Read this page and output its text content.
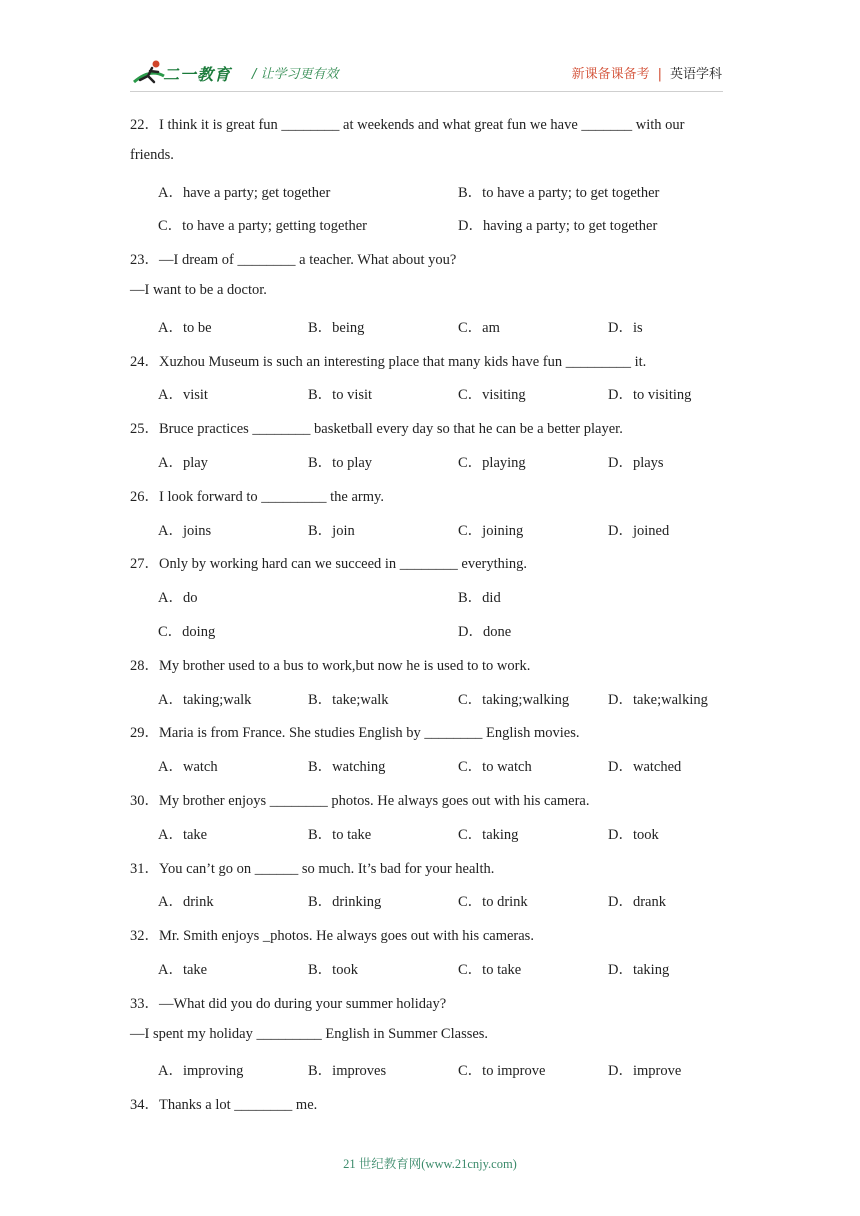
二一教育 / 让学习更有效	新课备课备考 | 英语学科
22．I think it is great fun ________ at weekends and what great fun we have _______ with our
friends.
A．have a party; get together	B．to have a party; to get together
C．to have a party; getting together	D．having a party; to get together
23．—I dream of ________ a teacher. What about you?
—I want to be a doctor.
A．to be	B．being	C．am	D．is
24．Xuzhou Museum is such an interesting place that many kids have fun _________ it.
A．visit	B．to visit	C．visiting	D．to visiting
25．Bruce practices ________ basketball every day so that he can be a better player.
A．play	B．to play	C．playing	D．plays
26．I look forward to _________ the army.
A．joins	B．join	C．joining	D．joined
27．Only by working hard can we succeed in ________ everything.
A．do	B．did
C．doing	D．done
28．My brother used to a bus to work,but now he is used to to work.
A．taking;walk	B．take;walk	C．taking;walking	D．take;walking
29．Maria is from France. She studies English by ________ English movies.
A．watch	B．watching	C．to watch	D．watched
30．My brother enjoys ________ photos. He always goes out with his camera.
A．take	B．to take	C．taking	D．took
31．You can’t go on ______ so much. It’s bad for your health.
A．drink	B．drinking	C．to drink	D．drank
32．Mr. Smith enjoys _photos. He always goes out with his cameras.
A．take	B．took	C．to take	D．taking
33．—What did you do during your summer holiday?
—I spent my holiday _________ English in Summer Classes.
A．improving	B．improves	C．to improve	D．improve
34．Thanks a lot ________ me.
21 世纪教育网(www.21cnjy.com)
